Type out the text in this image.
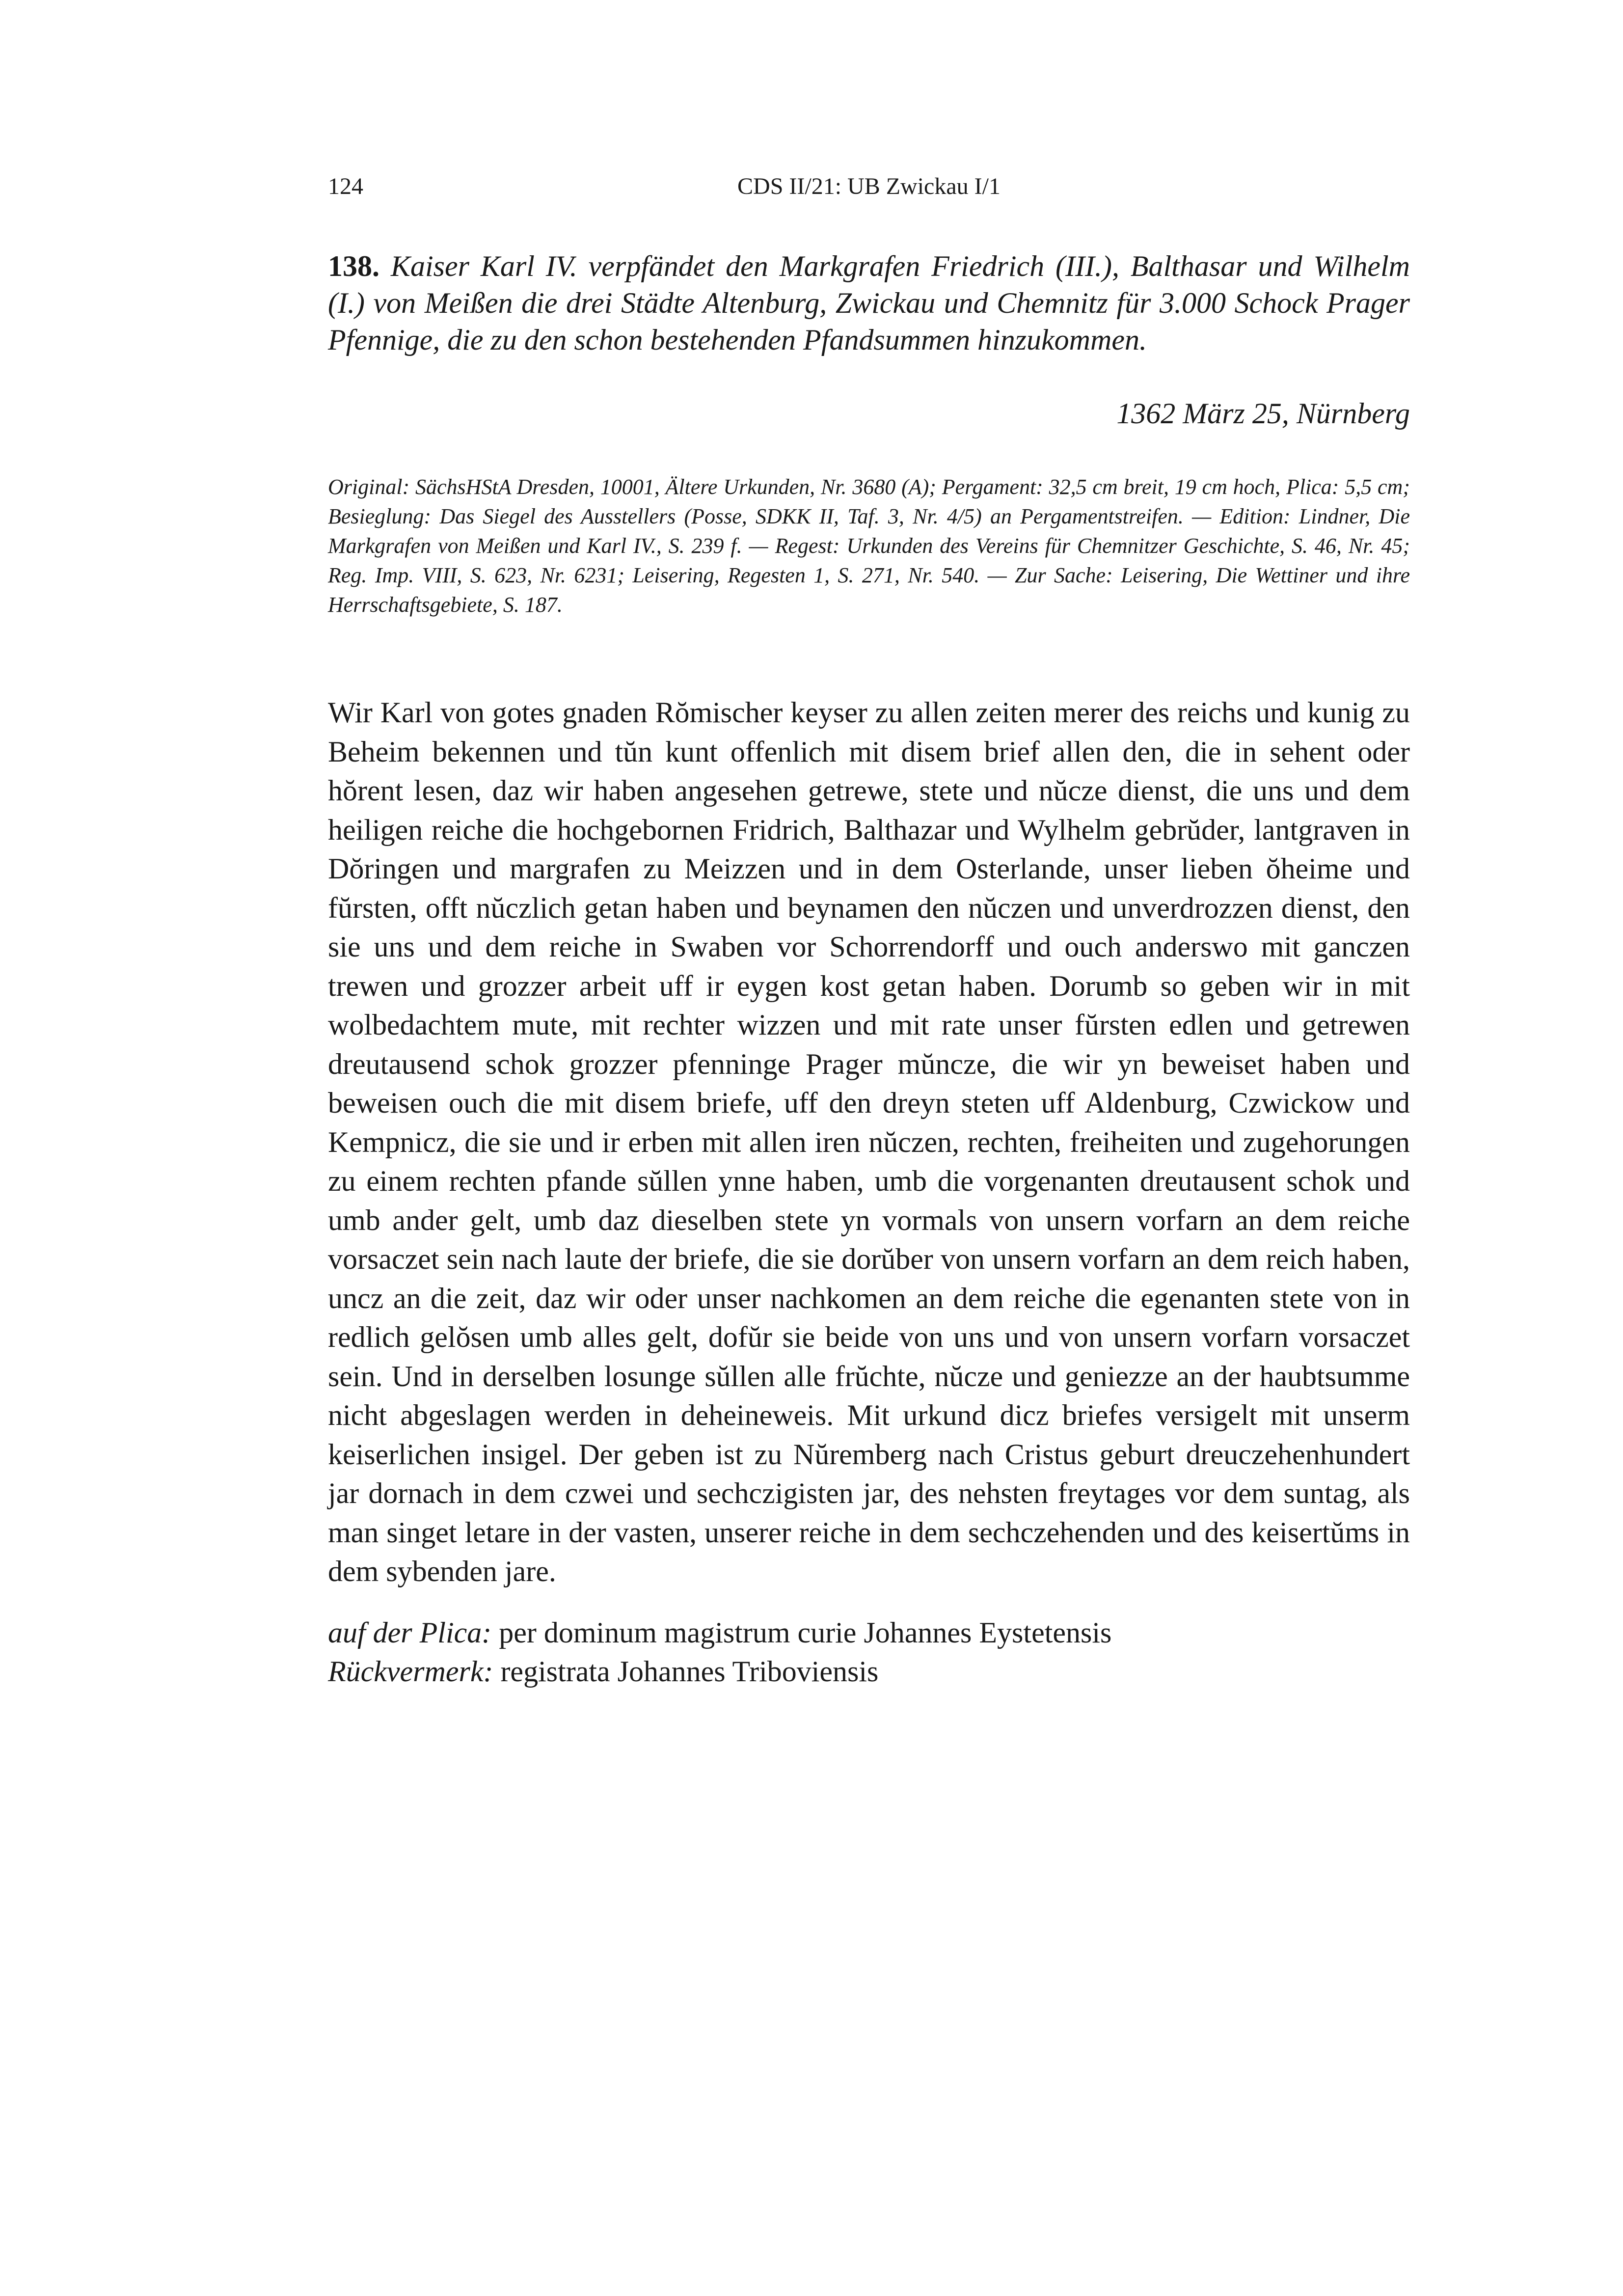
124	CDS II/21: UB Zwickau I/1
138. Kaiser Karl IV. verpfändet den Markgrafen Friedrich (III.), Balthasar und Wilhelm (I.) von Meißen die drei Städte Altenburg, Zwickau und Chemnitz für 3.000 Schock Prager Pfennige, die zu den schon bestehenden Pfandsummen hinzukommen.
1362 März 25, Nürnberg
Original: SächsHStA Dresden, 10001, Ältere Urkunden, Nr. 3680 (A); Pergament: 32,5 cm breit, 19 cm hoch, Plica: 5,5 cm; Besieglung: Das Siegel des Ausstellers (Posse, SDKK II, Taf. 3, Nr. 4/5) an Pergamentstreifen. — Edition: Lindner, Die Markgrafen von Meißen und Karl IV., S. 239 f. — Regest: Urkunden des Vereins für Chemnitzer Geschichte, S. 46, Nr. 45; Reg. Imp. VIII, S. 623, Nr. 6231; Leisering, Regesten 1, S. 271, Nr. 540. — Zur Sache: Leisering, Die Wettiner und ihre Herrschaftsgebiete, S. 187.

Wir Karl von gotes gnaden Rŏmischer keyser zu allen zeiten merer des reichs und kunig zu Beheim bekennen und tŭn kunt offenlich mit disem brief allen den, die in sehent oder hŏrent lesen, daz wir haben angesehen getrewe, stete und nŭcze dienst, die uns und dem heiligen reiche die hochgebornen Fridrich, Balthazar und Wylhelm gebrŭder, lantgraven in Dŏringen und margrafen zu Meizzen und in dem Osterlande, unser lieben ŏheime und fŭrsten, offt nŭczlich getan haben und beynamen den nŭczen und unverdrozzen dienst, den sie uns und dem reiche in Swaben vor Schorrendorff und ouch anderswo mit ganczen trewen und grozzer arbeit uff ir eygen kost getan haben. Dorumb so geben wir in mit wolbedachtem mute, mit rechter wizzen und mit rate unser fŭrsten edlen und getrewen dreutausend schok grozzer pfenninge Prager mŭncze, die wir yn beweiset haben und beweisen ouch die mit disem briefe, uff den dreyn steten uff Aldenburg, Czwickow und Kempnicz, die sie und ir erben mit allen iren nŭczen, rechten, freiheiten und zugehorungen zu einem rechten pfande sŭllen ynne haben, umb die vorgenanten dreutausent schok und umb ander gelt, umb daz dieselben stete yn vormals von unsern vorfarn an dem reiche vorsaczet sein nach laute der briefe, die sie dorŭber von unsern vorfarn an dem reich haben, uncz an die zeit, daz wir oder unser nachkomen an dem reiche die egenanten stete von in redlich gelŏsen umb alles gelt, dofŭr sie beide von uns und von unsern vorfarn vorsaczet sein. Und in derselben losunge sŭllen alle frŭchte, nŭcze und geniezze an der haubtsumme nicht abgeslagen werden in deheineweis. Mit urkund dicz briefes versigelt mit unserm keiserlichen insigel. Der geben ist zu Nŭremberg nach Cristus geburt dreuczehenhundert jar dornach in dem czwei und sechczigisten jar, des nehsten freytages vor dem suntag, als man singet letare in der vasten, unserer reiche in dem sechczehenden und des keisertŭms in dem sybenden jare.

auf der Plica: per dominum magistrum curie Johannes Eystetensis
Rückvermerk: registrata Johannes Triboviensis
